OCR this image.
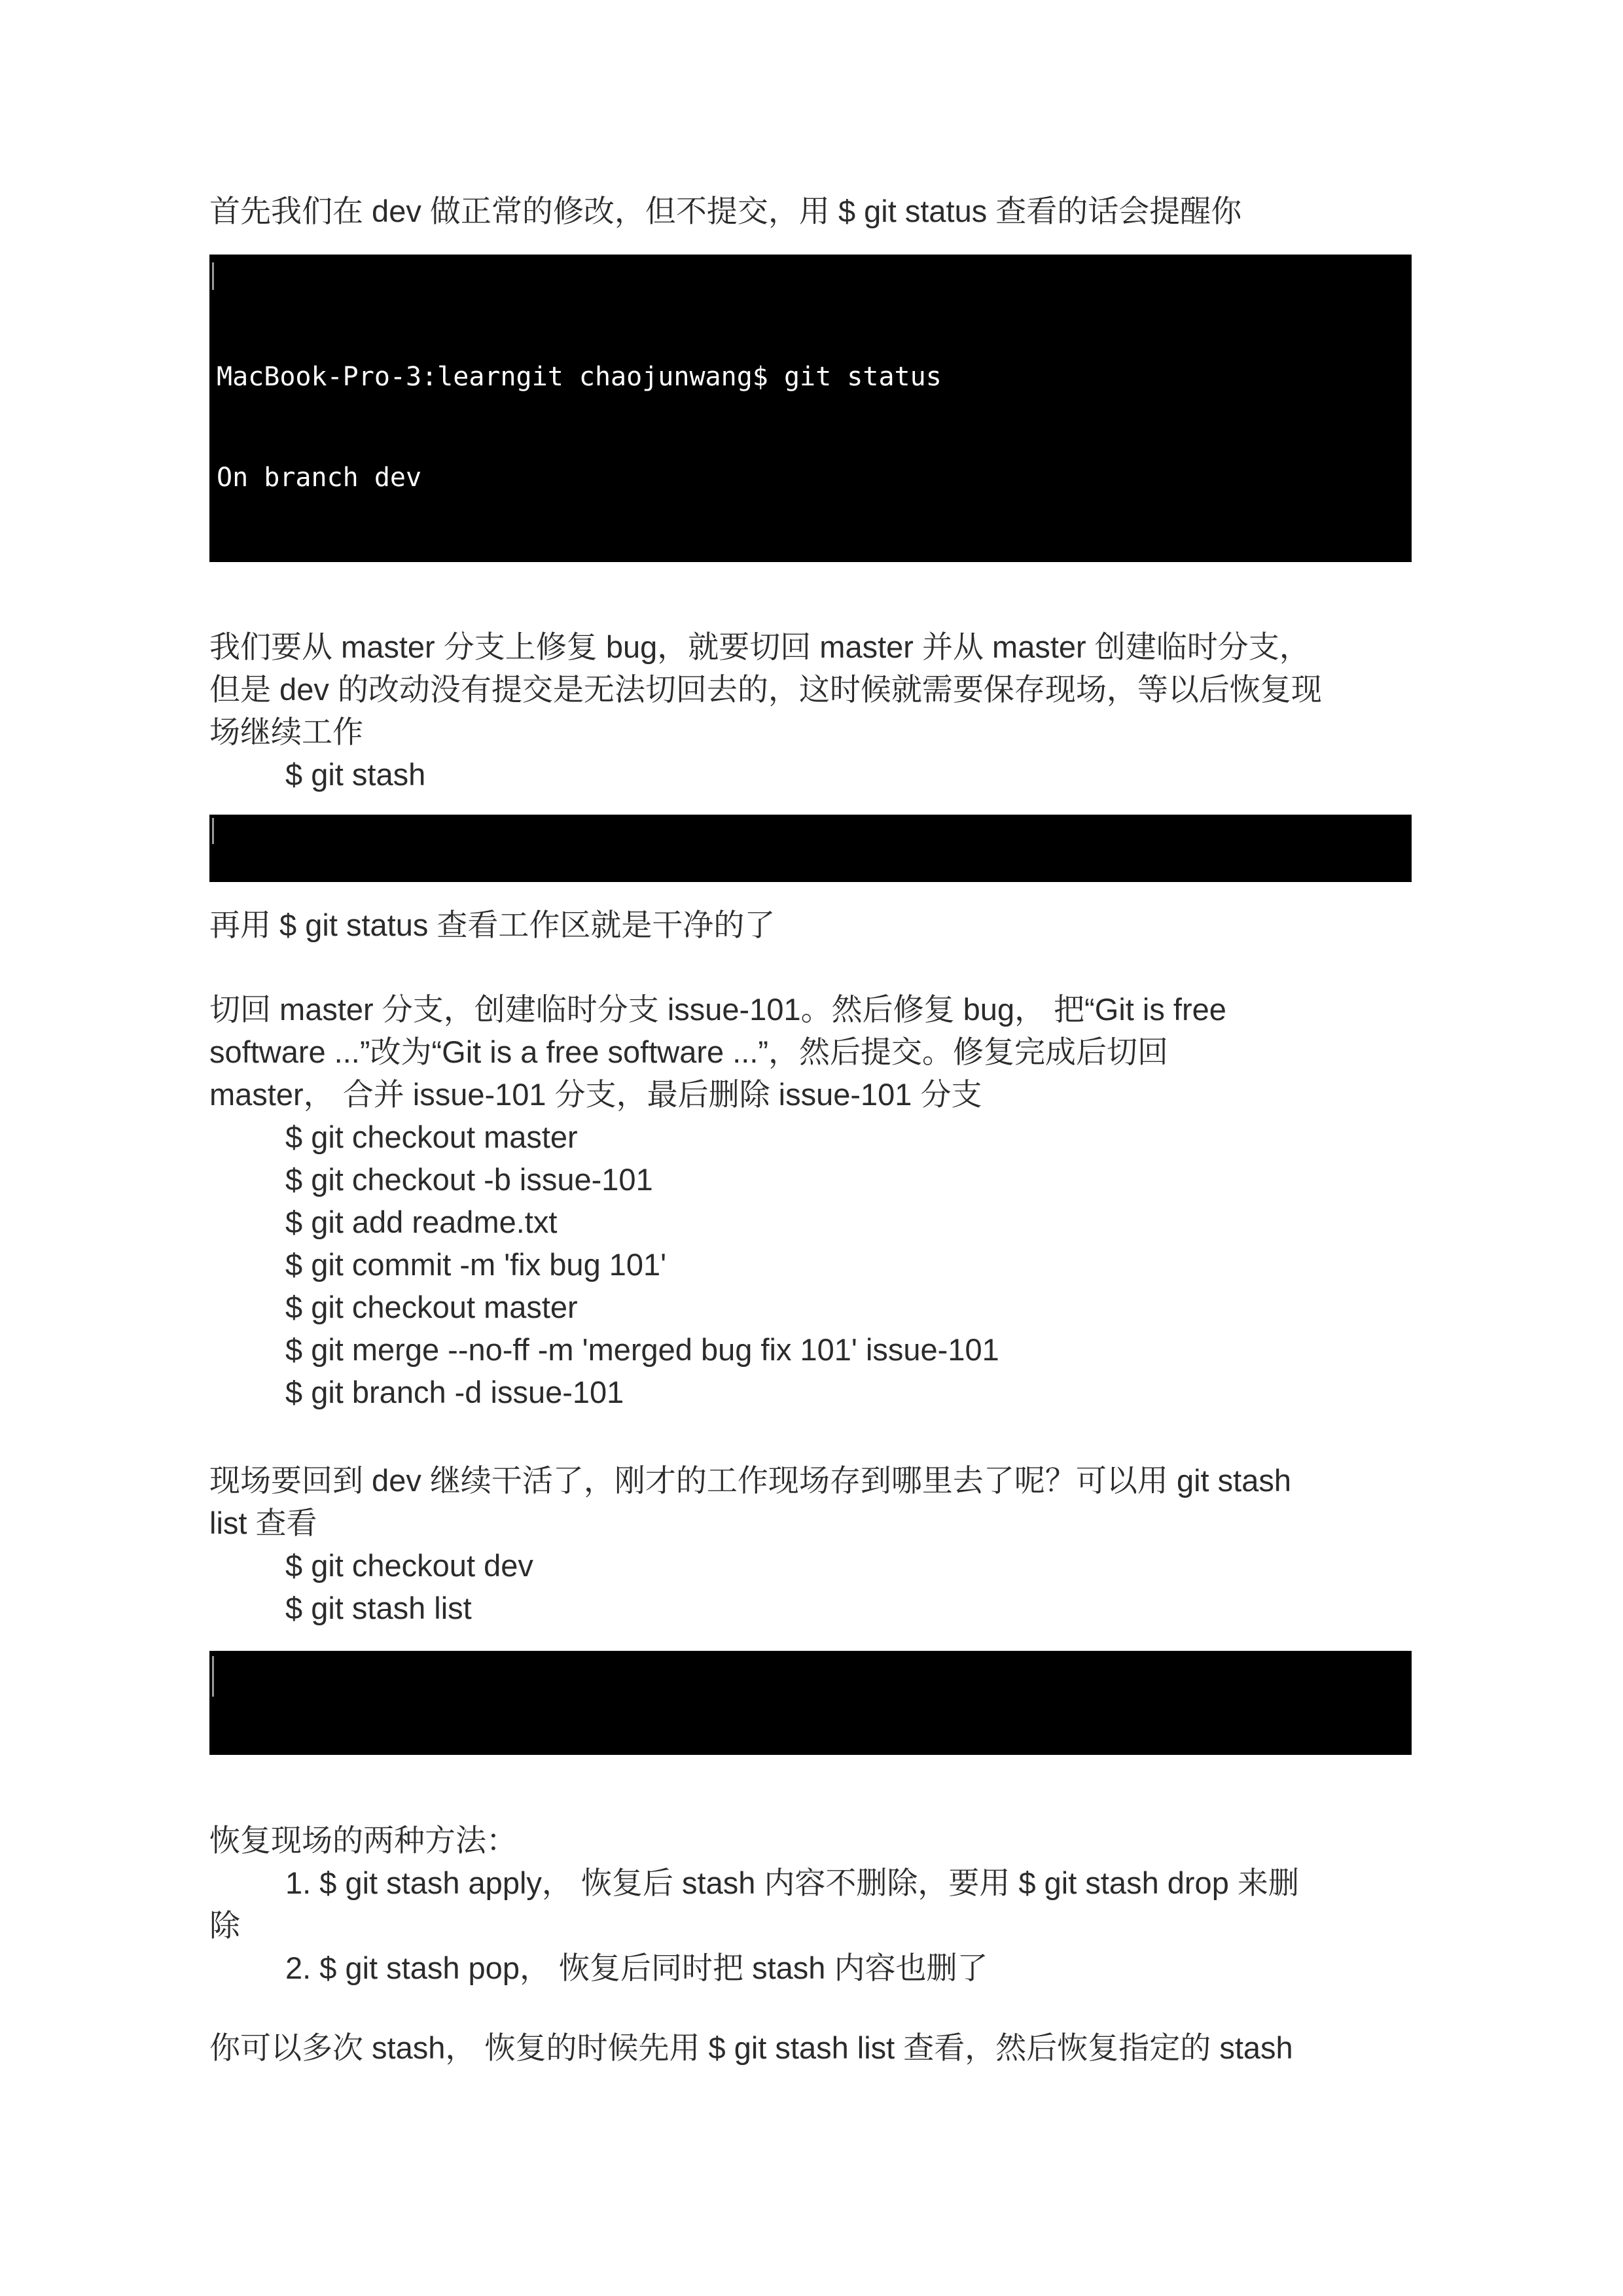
首先我们在 dev 做正常的修改，但不提交，用 $ git status 查看的话会提醒你

MacBook-Pro-3:learngit chaojunwang$ git status

On branch dev

我们要从 master 分支上修复 bug，就要切回 master 并从 master 创建临时分支，
但是 dev 的改动没有提交是无法切回去的，这时候就需要保存现场，等以后恢复现
场继续工作
$ git stash

再用 $ git status 查看工作区就是干净的了
切回 master 分支，创建临时分支 issue-101。然后修复 bug， 把“Git is free
software ...”改为“Git is a free software ...”，然后提交。修复完成后切回
master， 合并 issue-101 分支，最后删除 issue-101 分支
$ git checkout master
$ git checkout -b issue-101
$ git add readme.txt
$ git commit -m 'fix bug 101'
$ git checkout master
$ git merge --no-ff -m 'merged bug fix 101' issue-101
$ git branch -d issue-101
现场要回到 dev 继续干活了，刚才的工作现场存到哪里去了呢？可以用 git stash
list 查看
$ git checkout dev
$ git stash list

恢复现场的两种方法：
1. $ git stash apply， 恢复后 stash 内容不删除，要用 $ git stash drop 来删
除
2. $ git stash pop， 恢复后同时把 stash 内容也删了
你可以多次 stash， 恢复的时候先用 $ git stash list 查看，然后恢复指定的 stash
